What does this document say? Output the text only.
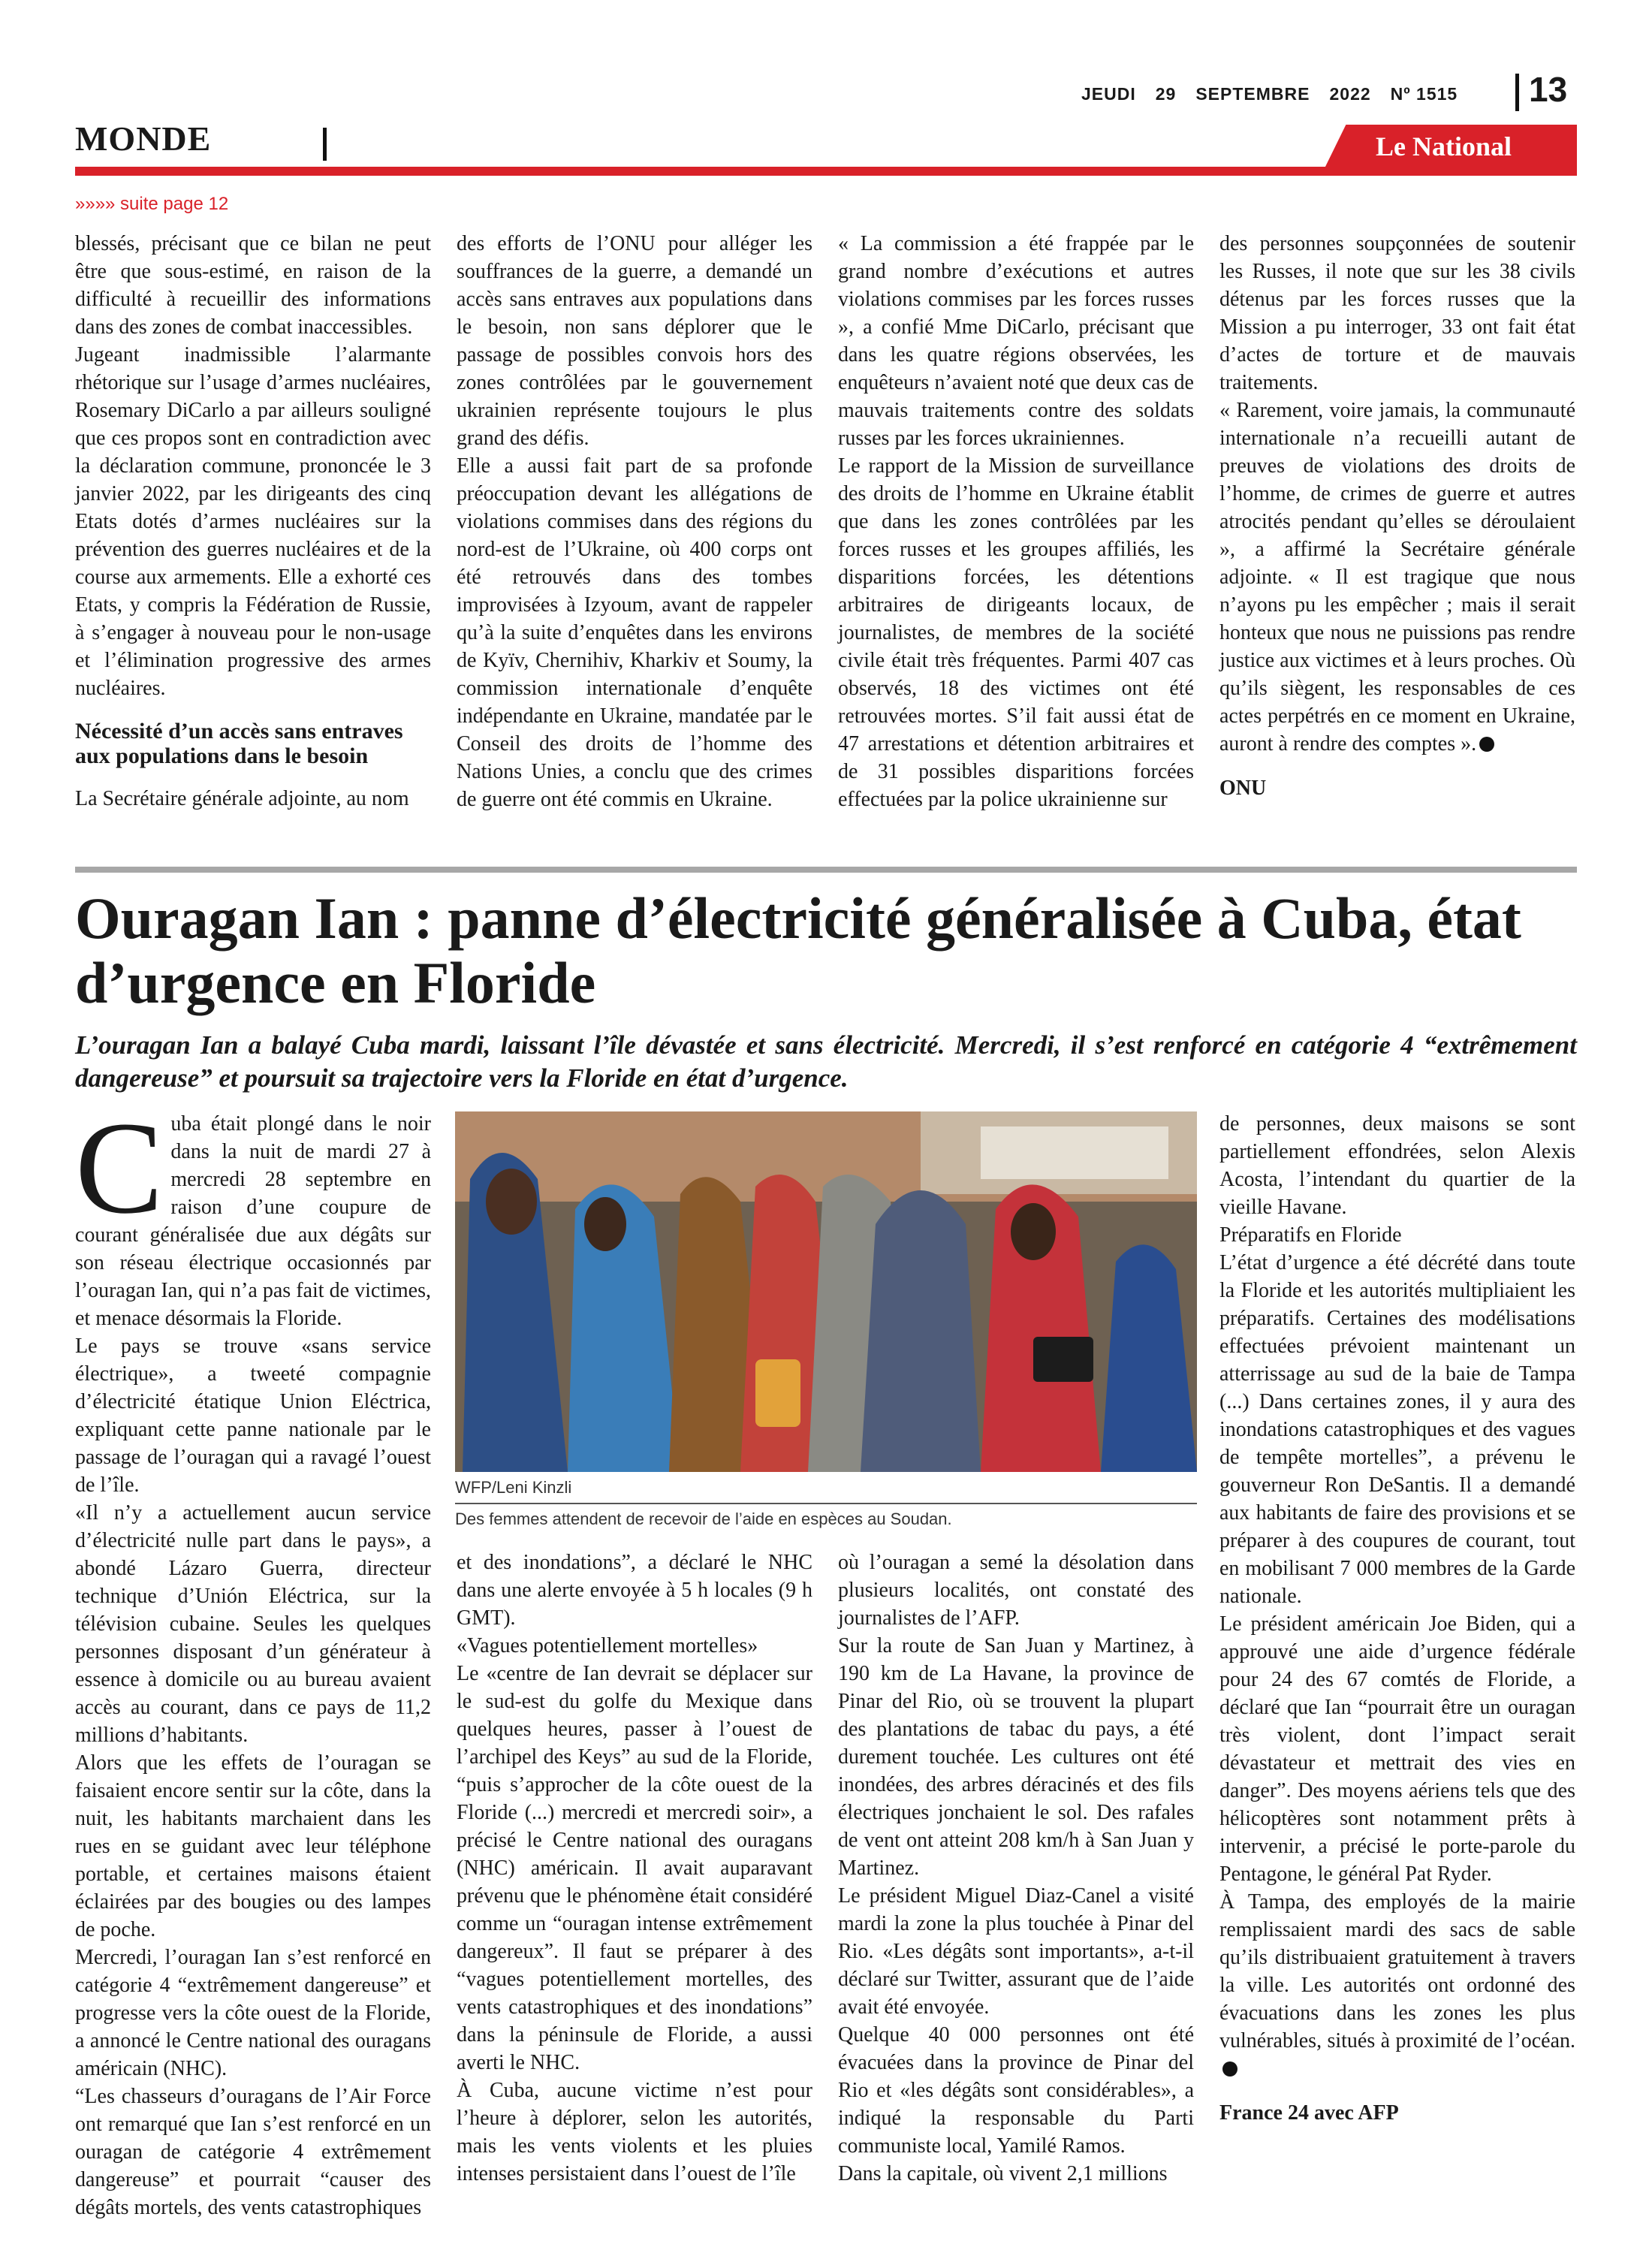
JEUDI 29 SEPTEMBRE 2022 Nº 1515	13
MONDE	Le National
»»»» suite page 12

blessés, précisant que ce bilan ne peut être que sous-estimé, en raison de la difficulté à recueillir des informations dans des zones de combat inaccessibles.

Jugeant inadmissible l’alarmante rhétorique sur l’usage d’armes nucléaires, Rosemary DiCarlo a par ailleurs souligné que ces propos sont en contradiction avec la déclaration commune, prononcée le 3 janvier 2022, par les dirigeants des cinq Etats dotés d’armes nucléaires sur la prévention des guerres nucléaires et de la course aux armements. Elle a exhorté ces Etats, y compris la Fédération de Russie, à s’engager à nouveau pour le non-usage et l’élimination progressive des armes nucléaires.

Nécessité d’un accès sans entraves aux populations dans le besoin

La Secrétaire générale adjointe, au nom

des efforts de l’ONU pour alléger les souffrances de la guerre, a demandé un accès sans entraves aux populations dans le besoin, non sans déplorer que le passage de possibles convois hors des zones contrôlées par le gouvernement ukrainien représente toujours le plus grand des défis.

Elle a aussi fait part de sa profonde préoccupation devant les allégations de violations commises dans des régions du nord-est de l’Ukraine, où 400 corps ont été retrouvés dans des tombes improvisées à Izyoum, avant de rappeler qu’à la suite d’enquêtes dans les environs de Kyïv, Chernihiv, Kharkiv et Soumy, la commission internationale d’enquête indépendante en Ukraine, mandatée par le Conseil des droits de l’homme des Nations Unies, a conclu que des crimes de guerre ont été commis en Ukraine.

« La commission a été frappée par le grand nombre d’exécutions et autres violations commises par les forces russes », a confié Mme DiCarlo, précisant que dans les quatre régions observées, les enquêteurs n’avaient noté que deux cas de mauvais traitements contre des soldats russes par les forces ukrainiennes.

Le rapport de la Mission de surveillance des droits de l’homme en Ukraine établit que dans les zones contrôlées par les forces russes et les groupes affiliés, les disparitions forcées, les détentions arbitraires de dirigeants locaux, de journalistes, de membres de la société civile était très fréquentes. Parmi 407 cas observés, 18 des victimes ont été retrouvées mortes. S’il fait aussi état de 47 arrestations et détention arbitraires et de 31 possibles disparitions forcées effectuées par la police ukrainienne sur

des personnes soupçonnées de soutenir les Russes, il note que sur les 38 civils détenus par les forces russes que la Mission a pu interroger, 33 ont fait état d’actes de torture et de mauvais traitements.

« Rarement, voire jamais, la communauté internationale n’a recueilli autant de preuves de violations des droits de l’homme, de crimes de guerre et autres atrocités pendant qu’elles se déroulaient », a affirmé la Secrétaire générale adjointe. « Il est tragique que nous n’ayons pu les empêcher ; mais il serait honteux que nous ne puissions pas rendre justice aux victimes et à leurs proches. Où qu’ils siègent, les responsables de ces actes perpétrés en ce moment en Ukraine, auront à rendre des comptes ».

ONU

Ouragan Ian : panne d’électricité généralisée à Cuba, état d’urgence en Floride
L’ouragan Ian a balayé Cuba mardi, laissant l’île dévastée et sans électricité. Mercredi, il s’est renforcé en catégorie 4 “extrêmement dangereuse” et poursuit sa trajectoire vers la Floride en état d’urgence.

Cuba était plongé dans le noir dans la nuit de mardi 27 à mercredi 28 septembre en raison d’une coupure de courant généralisée due aux dégâts sur son réseau électrique occasionnés par l’ouragan Ian, qui n’a pas fait de victimes, et menace désormais la Floride.

Le pays se trouve «sans service électrique», a tweeté compagnie d’électricité étatique Union Eléctrica, expliquant cette panne nationale par le passage de l’ouragan qui a ravagé l’ouest de l’île.

«Il n’y a actuellement aucun service d’électricité nulle part dans le pays», a abondé Lázaro Guerra, directeur technique d’Unión Eléctrica, sur la télévision cubaine. Seules les quelques personnes disposant d’un générateur à essence à domicile ou au bureau avaient accès au courant, dans ce pays de 11,2 millions d’habitants.

Alors que les effets de l’ouragan se faisaient encore sentir sur la côte, dans la nuit, les habitants marchaient dans les rues en se guidant avec leur téléphone portable, et certaines maisons étaient éclairées par des bougies ou des lampes de poche.

Mercredi, l’ouragan Ian s’est renforcé en catégorie 4 “extrêmement dangereuse” et progresse vers la côte ouest de la Floride, a annoncé le Centre national des ouragans américain (NHC).

“Les chasseurs d’ouragans de l’Air Force ont remarqué que Ian s’est renforcé en un ouragan de catégorie 4 extrêmement dangereuse” et pourrait “causer des dégâts mortels, des vents catastrophiques

WFP/Leni Kinzli
Des femmes attendent de recevoir de l’aide en espèces au Soudan.

et des inondations”, a déclaré le NHC dans une alerte envoyée à 5 h locales (9 h GMT).

«Vagues potentiellement mortelles»

Le «centre de Ian devrait se déplacer sur le sud-est du golfe du Mexique dans quelques heures, passer à l’ouest de l’archipel des Keys” au sud de la Floride, “puis s’approcher de la côte ouest de la Floride (...) mercredi et mercredi soir», a précisé le Centre national des ouragans (NHC) américain. Il avait auparavant prévenu que le phénomène était considéré comme un “ouragan intense extrêmement dangereux”. Il faut se préparer à des “vagues potentiellement mortelles, des vents catastrophiques et des inondations” dans la péninsule de Floride, a aussi averti le NHC.

À Cuba, aucune victime n’est pour l’heure à déplorer, selon les autorités, mais les vents violents et les pluies intenses persistaient dans l’ouest de l’île

où l’ouragan a semé la désolation dans plusieurs localités, ont constaté des journalistes de l’AFP.

Sur la route de San Juan y Martinez, à 190 km de La Havane, la province de Pinar del Rio, où se trouvent la plupart des plantations de tabac du pays, a été durement touchée. Les cultures ont été inondées, des arbres déracinés et des fils électriques jonchaient le sol. Des rafales de vent ont atteint 208 km/h à San Juan y Martinez.

Le président Miguel Diaz-Canel a visité mardi la zone la plus touchée à Pinar del Rio. «Les dégâts sont importants», a-t-il déclaré sur Twitter, assurant que de l’aide avait été envoyée.

Quelque 40 000 personnes ont été évacuées dans la province de Pinar del Rio et «les dégâts sont considérables», a indiqué la responsable du Parti communiste local, Yamilé Ramos.

Dans la capitale, où vivent 2,1 millions

de personnes, deux maisons se sont partiellement effondrées, selon Alexis Acosta, l’intendant du quartier de la vieille Havane.

Préparatifs en Floride

L’état d’urgence a été décrété dans toute la Floride et les autorités multipliaient les préparatifs. Certaines des modélisations effectuées prévoient maintenant un atterrissage au sud de la baie de Tampa (...) Dans certaines zones, il y aura des inondations catastrophiques et des vagues de tempête mortelles”, a prévenu le gouverneur Ron DeSantis. Il a demandé aux habitants de faire des provisions et se préparer à des coupures de courant, tout en mobilisant 7 000 membres de la Garde nationale.

Le président américain Joe Biden, qui a approuvé une aide d’urgence fédérale pour 24 des 67 comtés de Floride, a déclaré que Ian “pourrait être un ouragan très violent, dont l’impact serait dévastateur et mettrait des vies en danger”. Des moyens aériens tels que des hélicoptères sont notamment prêts à intervenir, a précisé le porte-parole du Pentagone, le général Pat Ryder.

À Tampa, des employés de la mairie remplissaient mardi des sacs de sable qu’ils distribuaient gratuitement à travers la ville. Les autorités ont ordonné des évacuations dans les zones les plus vulnérables, situés à proximité de l’océan.

France 24 avec AFP
